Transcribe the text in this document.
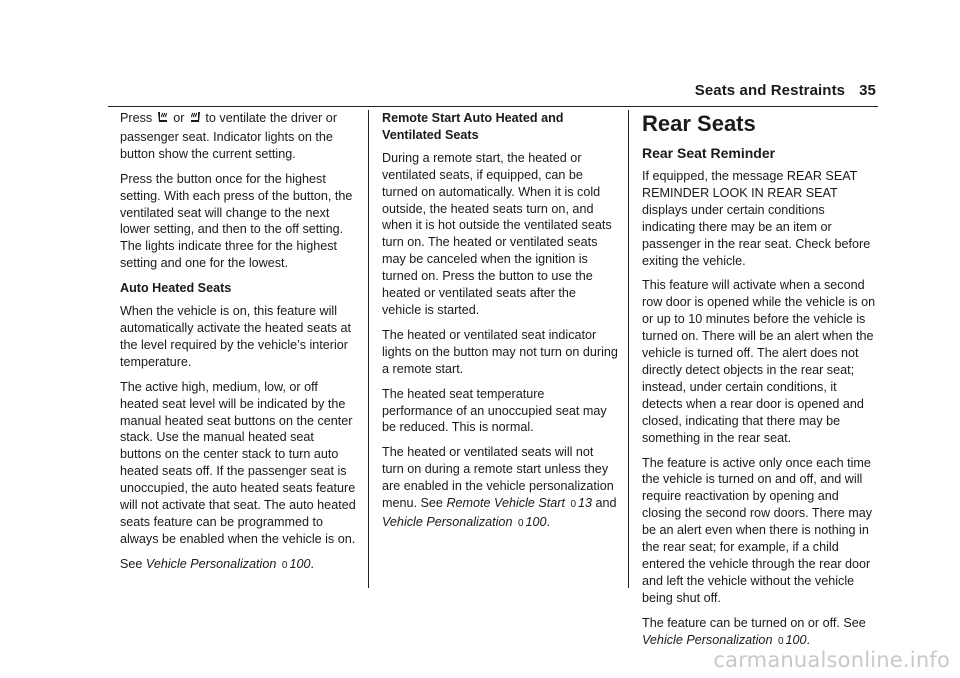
Seats and Restraints 35

Press or to ventilate the driver or passenger seat. Indicator lights on the button show the current setting.

Press the button once for the highest setting. With each press of the button, the ventilated seat will change to the next lower setting, and then to the off setting. The lights indicate three for the highest setting and one for the lowest.

Auto Heated Seats

When the vehicle is on, this feature will automatically activate the heated seats at the level required by the vehicle’s interior temperature.

The active high, medium, low, or off heated seat level will be indicated by the manual heated seat buttons on the center stack. Use the manual heated seat buttons on the center stack to turn auto heated seats off. If the passenger seat is unoccupied, the auto heated seats feature will not activate that seat. The auto heated seats feature can be programmed to always be enabled when the vehicle is on.

See Vehicle Personalization 0 100.

Remote Start Auto Heated and Ventilated Seats

During a remote start, the heated or ventilated seats, if equipped, can be turned on automatically. When it is cold outside, the heated seats turn on, and when it is hot outside the ventilated seats turn on. The heated or ventilated seats may be canceled when the ignition is turned on. Press the button to use the heated or ventilated seats after the vehicle is started.

The heated or ventilated seat indicator lights on the button may not turn on during a remote start.

The heated seat temperature performance of an unoccupied seat may be reduced. This is normal.

The heated or ventilated seats will not turn on during a remote start unless they are enabled in the vehicle personalization menu. See Remote Vehicle Start 0 13 and Vehicle Personalization 0 100.

Rear Seats
Rear Seat Reminder

If equipped, the message REAR SEAT REMINDER LOOK IN REAR SEAT displays under certain conditions indicating there may be an item or passenger in the rear seat. Check before exiting the vehicle.

This feature will activate when a second row door is opened while the vehicle is on or up to 10 minutes before the vehicle is turned on. There will be an alert when the vehicle is turned off. The alert does not directly detect objects in the rear seat; instead, under certain conditions, it detects when a rear door is opened and closed, indicating that there may be something in the rear seat.

The feature is active only once each time the vehicle is turned on and off, and will require reactivation by opening and closing the second row doors. There may be an alert even when there is nothing in the rear seat; for example, if a child entered the vehicle through the rear door and left the vehicle without the vehicle being shut off.

The feature can be turned on or off. See Vehicle Personalization 0 100.

carmanualsonline.info
